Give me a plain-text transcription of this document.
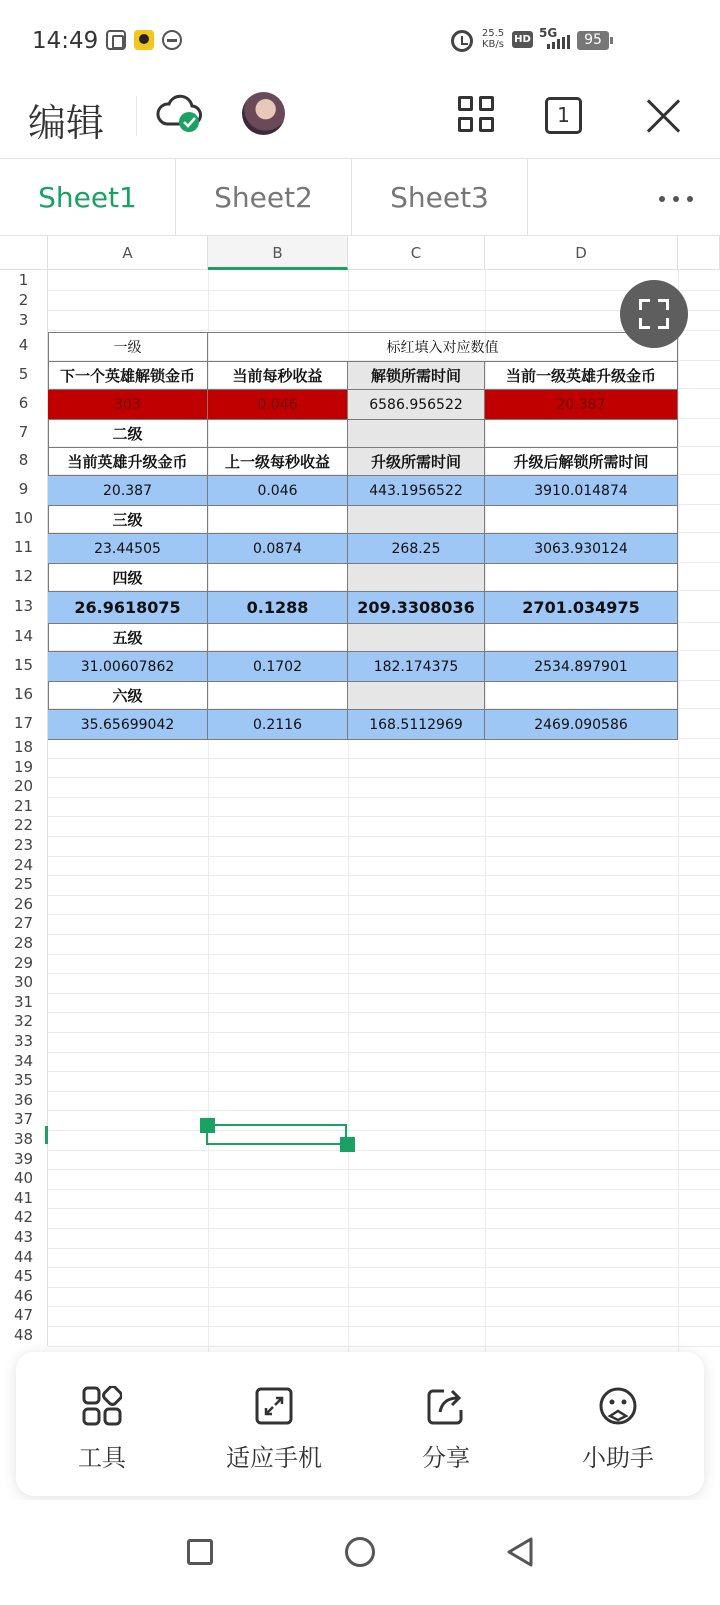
14:49	25.5
KB/s HD 5G	95
编辑	1
Sheet1	Sheet2	Sheet3
A	B	C	D
1
2
3
4
5
6
7
8
9
10
11
12
13
14
15
16
17
18
19
20
21
22
23
24
25
26
27
28
29
30
31
32
33
34
35
36
37
38
39
40
41
42
43
44
45
46
47
48
一级	标红填入对应数值
下一个英雄解锁金币	当前每秒收益	解锁所需时间	当前一级英雄升级金币
303	0.046	6586.956522	20.387
二级
当前英雄升级金币	上一级每秒收益	升级所需时间	升级后解锁所需时间
20.387	0.046	443.1956522	3910.014874
三级
23.44505	0.0874	268.25	3063.930124
四级
26.9618075	0.1288	209.3308036	2701.034975
五级
31.00607862	0.1702	182.174375	2534.897901
六级
35.65699042	0.2116	168.5112969	2469.090586
工具	适应手机	分享	小助手
